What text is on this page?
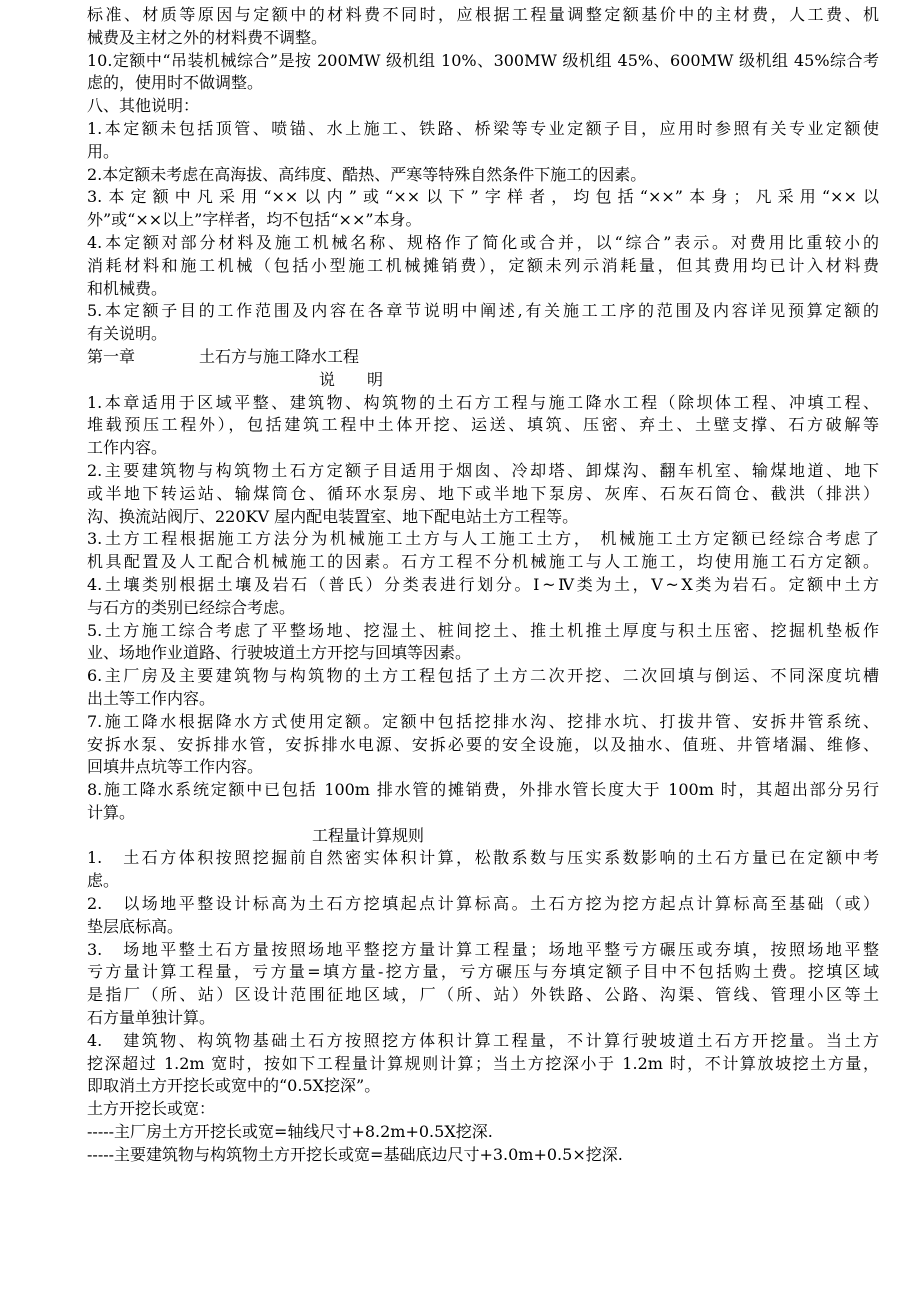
标准、材质等原因与定额中的材料费不同时，应根据工程量调整定额基价中的主材费，人工费、机
械费及主材之外的材料费不调整。
10.定额中“吊装机械综合”是按 200MW 级机组 10%、300MW 级机组 45%、600MW 级机组 45%综合考
虑的，使用时不做调整。
八、其他说明：
1.本定额未包括顶管、喷锚、水上施工、铁路、桥梁等专业定额子目，应用时参照有关专业定额使
用。
2.本定额未考虑在高海拔、高纬度、酷热、严寒等特殊自然条件下施工的因素。
3.本定额中凡采用“××以内”或“××以下”字样者，均包括“××”本身；凡采用“××以
外”或“××以上”字样者，均不包括“××”本身。
4.本定额对部分材料及施工机械名称、规格作了简化或合并，以“综合”表示。对费用比重较小的
消耗材料和施工机械（包括小型施工机械摊销费），定额未列示消耗量，但其费用均已计入材料费
和机械费。
5.本定额子目的工作范围及内容在各章节说明中阐述,有关施工工序的范围及内容详见预算定额的
有关说明。
第一章	土石方与施工降水工程
说　　明
1.本章适用于区域平整、建筑物、构筑物的土石方工程与施工降水工程（除坝体工程、冲填工程、
堆载预压工程外），包括建筑工程中土体开挖、运送、填筑、压密、弃土、土壁支撑、石方破解等
工作内容。
2.主要建筑物与构筑物土石方定额子目适用于烟囱、冷却塔、卸煤沟、翻车机室、输煤地道、地下
或半地下转运站、输煤筒仓、循环水泵房、地下或半地下泵房、灰库、石灰石筒仓、截洪（排洪）
沟、换流站阀厅、220KV 屋内配电装置室、地下配电站土方工程等。
3.土方工程根据施工方法分为机械施工土方与人工施工土方， 机械施工土方定额已经综合考虑了
机具配置及人工配合机械施工的因素。石方工程不分机械施工与人工施工，均使用施工石方定额。
4.土壤类别根据土壤及岩石（普氏）分类表进行划分。Ⅰ~Ⅳ类为土，Ⅴ~Ⅹ类为岩石。定额中土方
与石方的类别已经综合考虑。
5.土方施工综合考虑了平整场地、挖湿土、桩间挖土、推土机推土厚度与积土压密、挖掘机垫板作
业、场地作业道路、行驶坡道土方开挖与回填等因素。
6.主厂房及主要建筑物与构筑物的土方工程包括了土方二次开挖、二次回填与倒运、不同深度坑槽
出土等工作内容。
7.施工降水根据降水方式使用定额。定额中包括挖排水沟、挖排水坑、打拔井管、安拆井管系统、
安拆水泵、安拆排水管，安拆排水电源、安拆必要的安全设施，以及抽水、值班、井管堵漏、维修、
回填井点坑等工作内容。
8.施工降水系统定额中已包括 100m 排水管的摊销费，外排水管长度大于 100m 时，其超出部分另行
计算。
工程量计算规则
1.　土石方体积按照挖掘前自然密实体积计算，松散系数与压实系数影响的土石方量已在定额中考
虑。
2.　以场地平整设计标高为土石方挖填起点计算标高。土石方挖为挖方起点计算标高至基础（或）
垫层底标高。
3.　场地平整土石方量按照场地平整挖方量计算工程量；场地平整亏方碾压或夯填，按照场地平整
亏方量计算工程量，亏方量=填方量-挖方量，亏方碾压与夯填定额子目中不包括购土费。挖填区域
是指厂（所、站）区设计范围征地区域，厂（所、站）外铁路、公路、沟渠、管线、管理小区等土
石方量单独计算。
4.　建筑物、构筑物基础土石方按照挖方体积计算工程量，不计算行驶坡道土石方开挖量。当土方
挖深超过 1.2m 宽时，按如下工程量计算规则计算；当土方挖深小于 1.2m 时，不计算放坡挖土方量，
即取消土方开挖长或宽中的“0.5Ⅹ挖深”。
土方开挖长或宽：
-----主厂房土方开挖长或宽=轴线尺寸+8.2m+0.5Ⅹ挖深.
-----主要建筑物与构筑物土方开挖长或宽=基础底边尺寸+3.0m+0.5×挖深.
